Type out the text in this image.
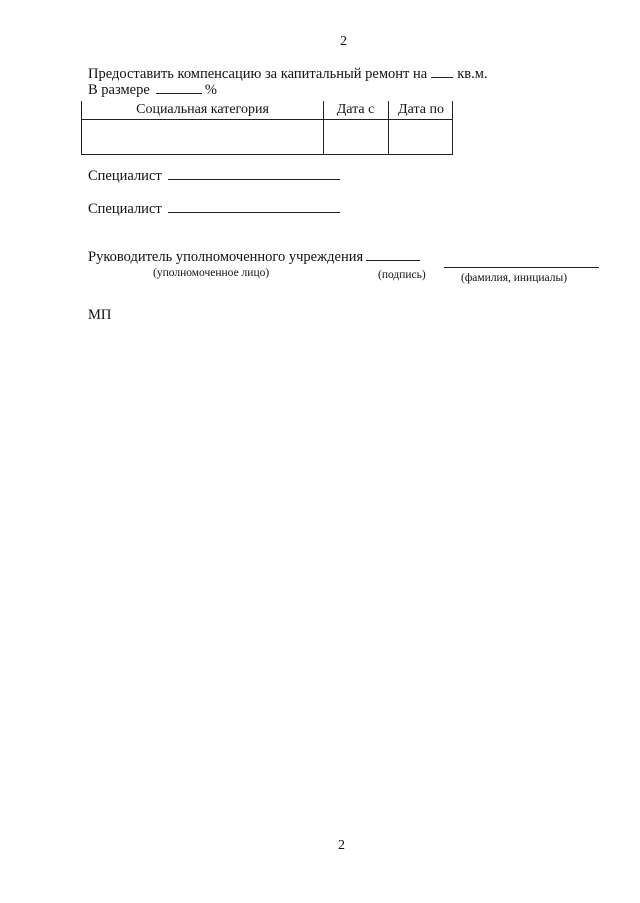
2
Предоставить компенсацию за капитальный ремонт на кв.м.
В размере	%
Социальная категория	Дата с	Дата по
Специалист
Специалист
Руководитель уполномоченного учреждения
(уполномоченное лицо)	(подпись)	(фамилия, инициалы)
МП
2
